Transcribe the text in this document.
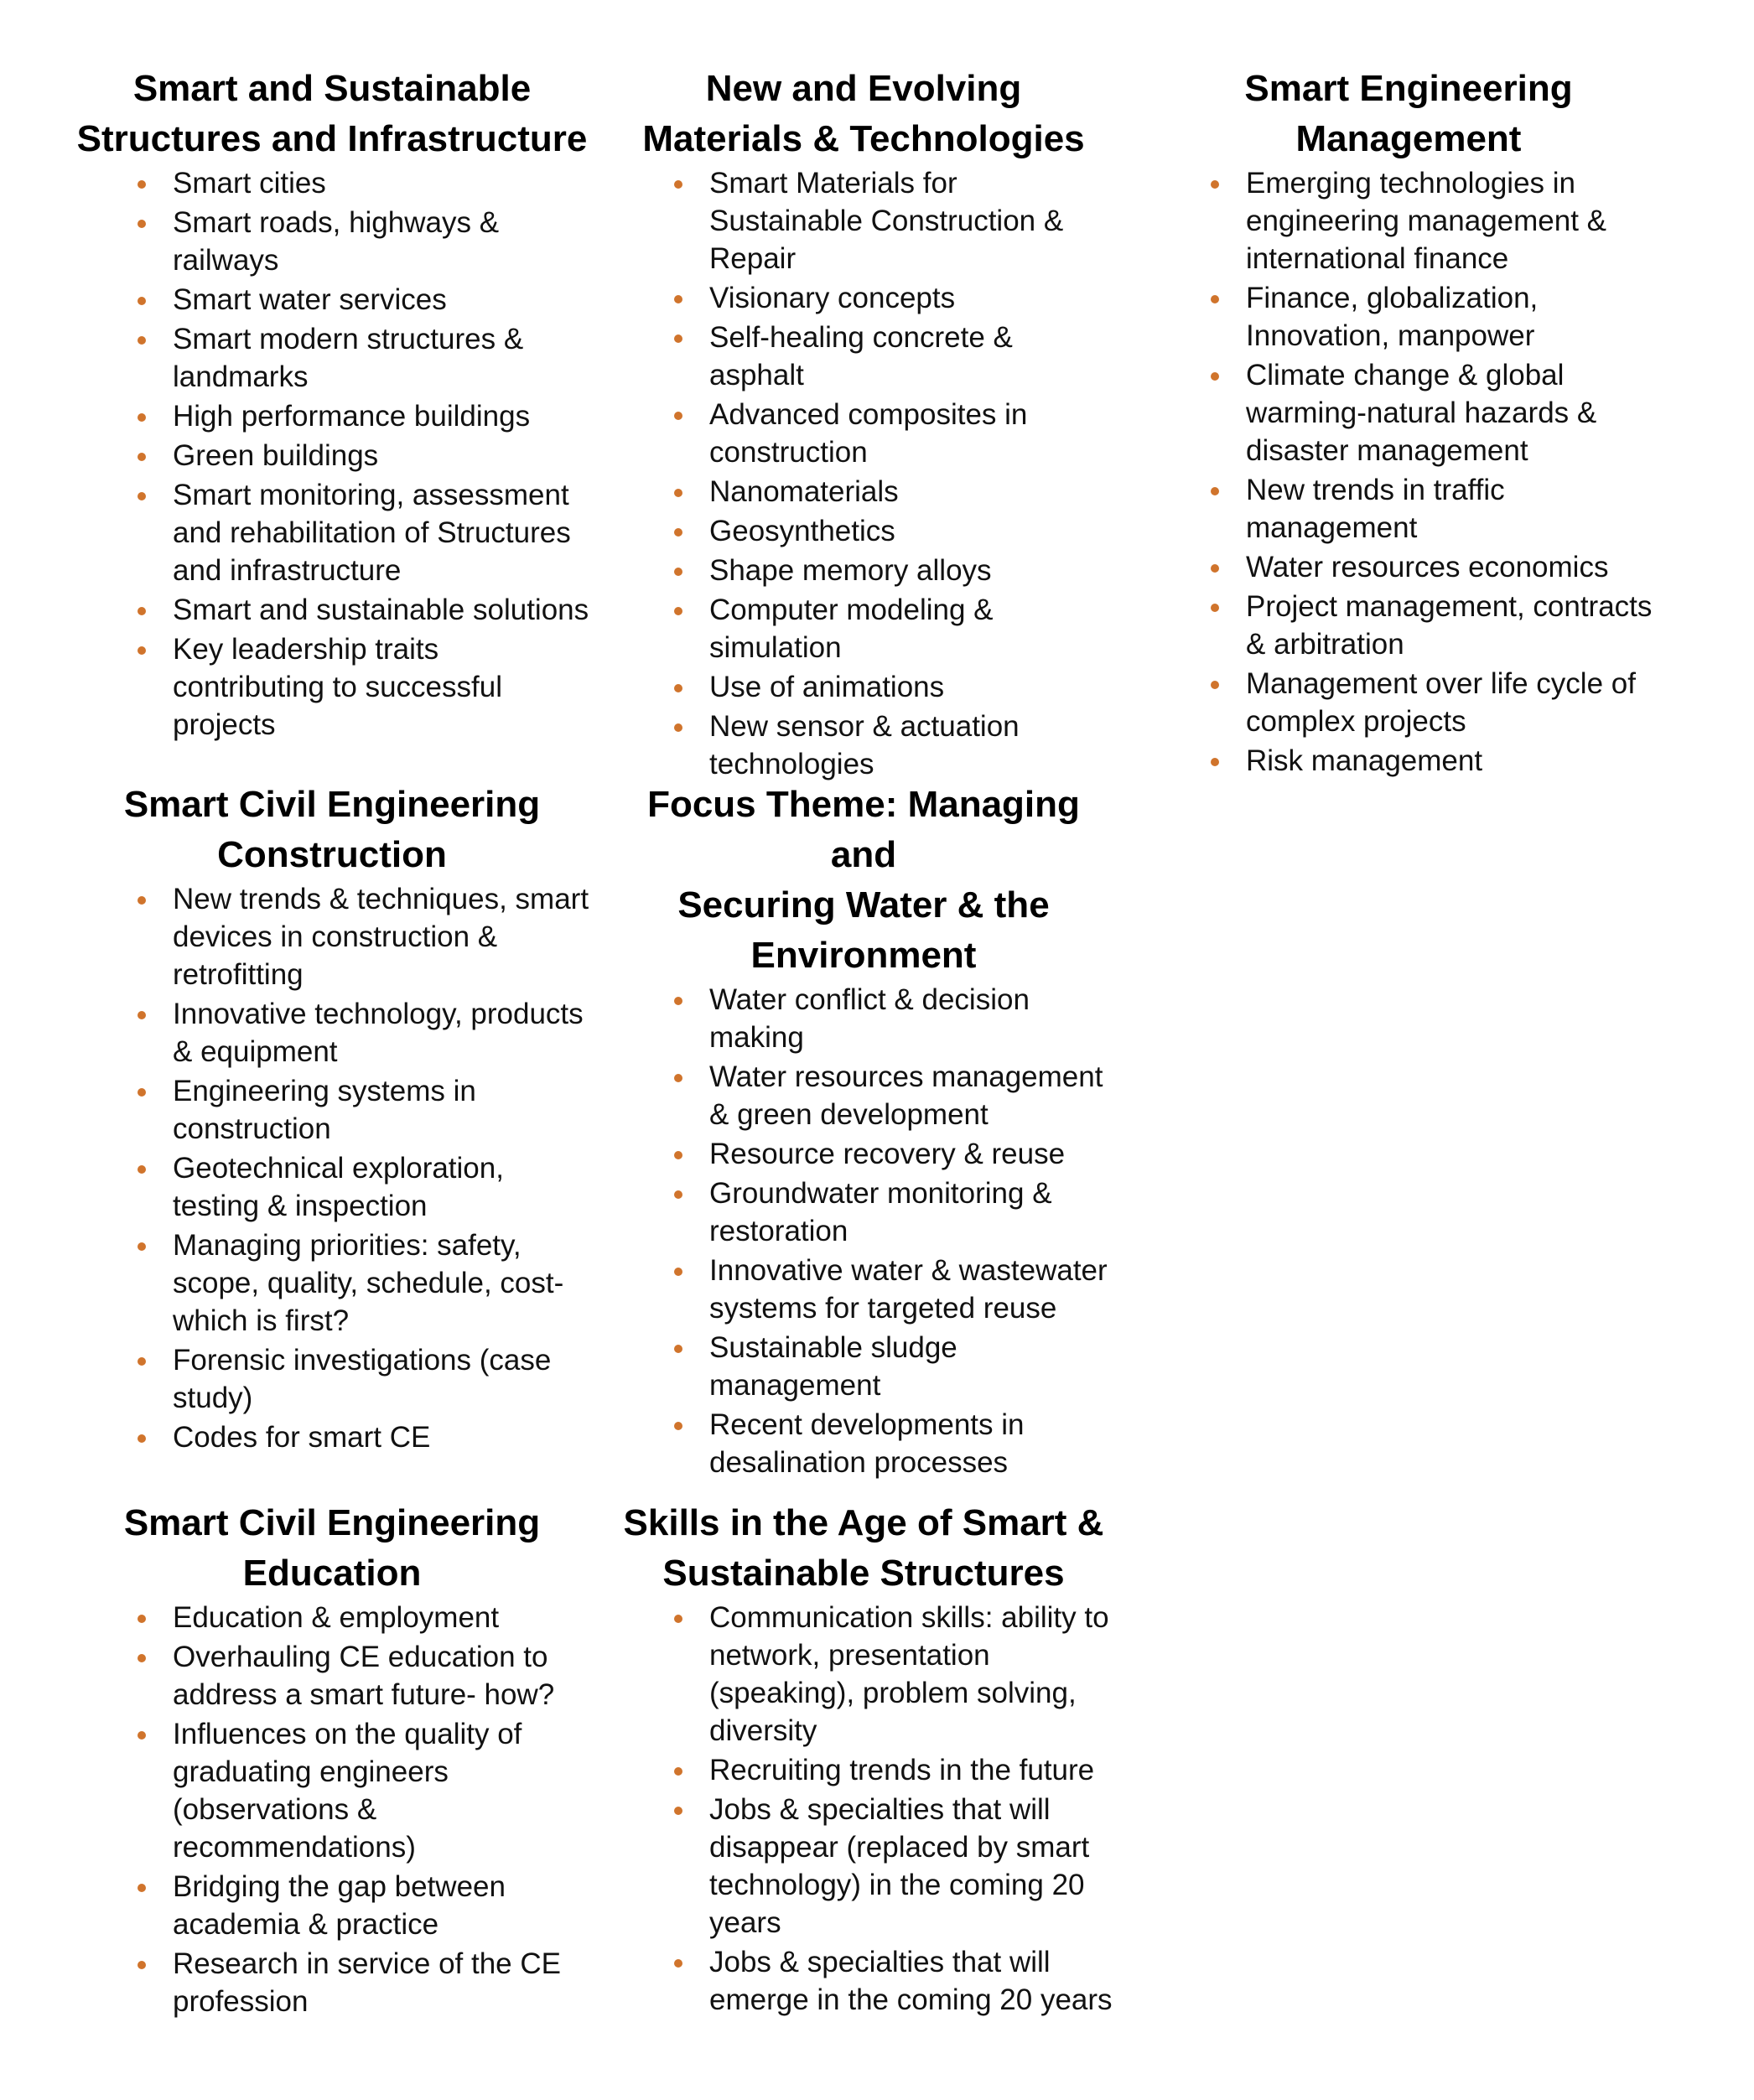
Smart and Sustainable
Structures and Infrastructure
Smart cities
Smart roads, highways & railways
Smart water services
Smart modern structures & landmarks
High performance buildings
Green buildings
Smart monitoring, assessment and rehabilitation of Structures and infrastructure
Smart and sustainable solutions
Key leadership traits contributing to successful projects
New and Evolving
Materials & Technologies
Smart Materials for Sustainable Construction & Repair
Visionary concepts
Self-healing concrete & asphalt
Advanced composites in construction
Nanomaterials
Geosynthetics
Shape memory alloys
Computer modeling & simulation
Use of animations
New sensor & actuation technologies
Smart Engineering
Management
Emerging technologies in engineering management & international finance
Finance, globalization, Innovation, manpower
Climate change & global warming-natural hazards & disaster management
New trends in traffic management
Water resources economics
Project management, contracts & arbitration
Management over life cycle of complex projects
Risk management
Smart Civil Engineering
Construction
New trends & techniques, smart devices in construction & retrofitting
Innovative technology, products & equipment
Engineering systems in construction
Geotechnical exploration, testing & inspection
Managing priorities: safety, scope, quality, schedule, cost- which is first?
Forensic investigations (case study)
Codes for smart CE
Focus Theme: Managing and
Securing Water & the
Environment
Water conflict & decision making
Water resources management & green development
Resource recovery & reuse
Groundwater monitoring & restoration
Innovative water & wastewater systems for targeted reuse
Sustainable sludge management
Recent developments in desalination processes
Smart Civil Engineering
Education
Education & employment
Overhauling CE education to address a smart future- how?
Influences on the quality of graduating engineers (observations & recommendations)
Bridging the gap between academia & practice
Research in service of the CE profession
Skills in the Age of Smart &
Sustainable Structures
Communication skills: ability to network, presentation (speaking), problem solving, diversity
Recruiting trends in the future
Jobs & specialties that will disappear (replaced by smart technology) in the coming 20 years
Jobs & specialties that will emerge in the coming 20 years
